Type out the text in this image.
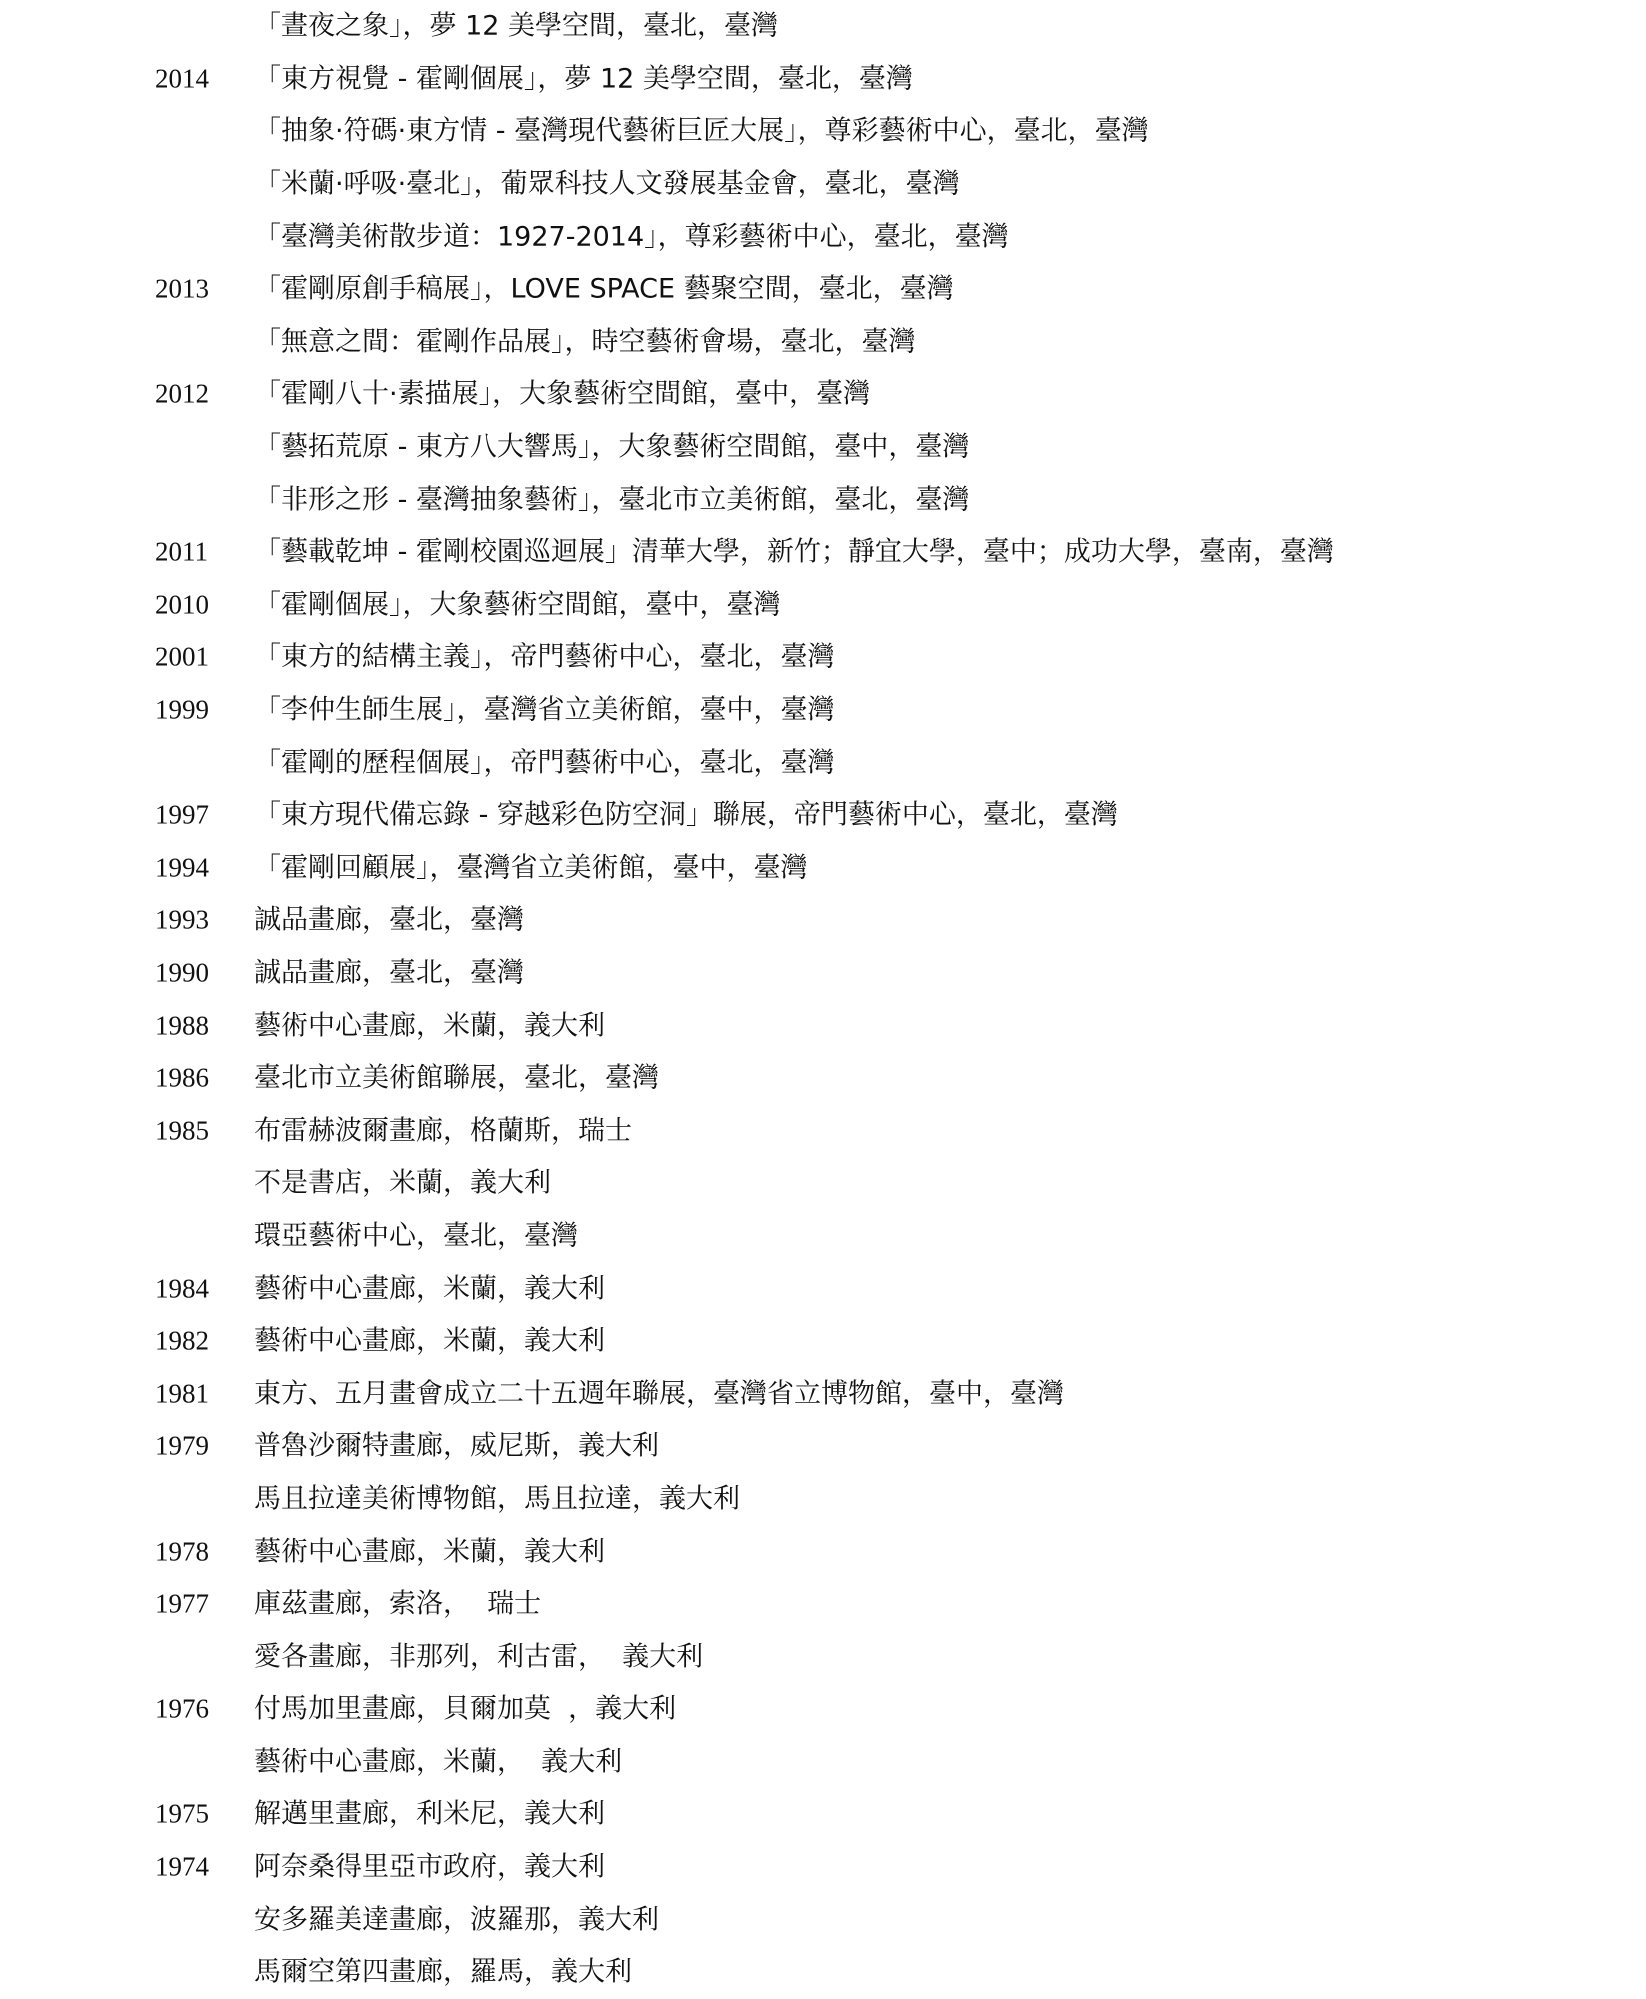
「晝夜之象」，夢 12 美學空間，臺北，臺灣
2014 「東方視覺 - 霍剛個展」，夢 12 美學空間，臺北，臺灣
「抽象·符碼·東方情 - 臺灣現代藝術巨匠大展」，尊彩藝術中心，臺北，臺灣
「米蘭·呼吸·臺北」，葡眾科技人文發展基金會，臺北，臺灣
「臺灣美術散步道：1927-2014」，尊彩藝術中心，臺北，臺灣
2013 「霍剛原創手稿展」，LOVE SPACE 藝聚空間，臺北，臺灣
「無意之間：霍剛作品展」，時空藝術會場，臺北，臺灣
2012 「霍剛八十·素描展」，大象藝術空間館，臺中，臺灣
「藝拓荒原 - 東方八大響馬」，大象藝術空間館，臺中，臺灣
「非形之形 - 臺灣抽象藝術」，臺北市立美術館，臺北，臺灣
2011 「藝載乾坤 - 霍剛校園巡迴展」清華大學，新竹；靜宜大學，臺中；成功大學，臺南，臺灣
2010 「霍剛個展」，大象藝術空間館，臺中，臺灣
2001 「東方的結構主義」，帝門藝術中心，臺北，臺灣
1999 「李仲生師生展」，臺灣省立美術館，臺中，臺灣
「霍剛的歷程個展」，帝門藝術中心，臺北，臺灣
1997 「東方現代備忘錄 - 穿越彩色防空洞」聯展，帝門藝術中心，臺北，臺灣
1994 「霍剛回顧展」，臺灣省立美術館，臺中，臺灣
1993 誠品畫廊，臺北，臺灣
1990 誠品畫廊，臺北，臺灣
1988 藝術中心畫廊，米蘭，義大利
1986 臺北市立美術館聯展，臺北，臺灣
1985 布雷赫波爾畫廊，格蘭斯，瑞士
不是書店，米蘭，義大利
環亞藝術中心，臺北，臺灣
1984 藝術中心畫廊，米蘭，義大利
1982 藝術中心畫廊，米蘭，義大利
1981 東方、五月畫會成立二十五週年聯展，臺灣省立博物館，臺中，臺灣
1979 普魯沙爾特畫廊，威尼斯，義大利
馬且拉達美術博物館，馬且拉達，義大利
1978 藝術中心畫廊，米蘭，義大利
1977 庫茲畫廊，索洛，  瑞士
愛各畫廊，非那列，利古雷，  義大利
1976 付馬加里畫廊，貝爾加莫  ，義大利
藝術中心畫廊，米蘭，  義大利
1975 解邁里畫廊，利米尼，義大利
1974 阿奈桑得里亞市政府，義大利
安多羅美達畫廊，波羅那，義大利
馬爾空第四畫廊，羅馬，義大利
